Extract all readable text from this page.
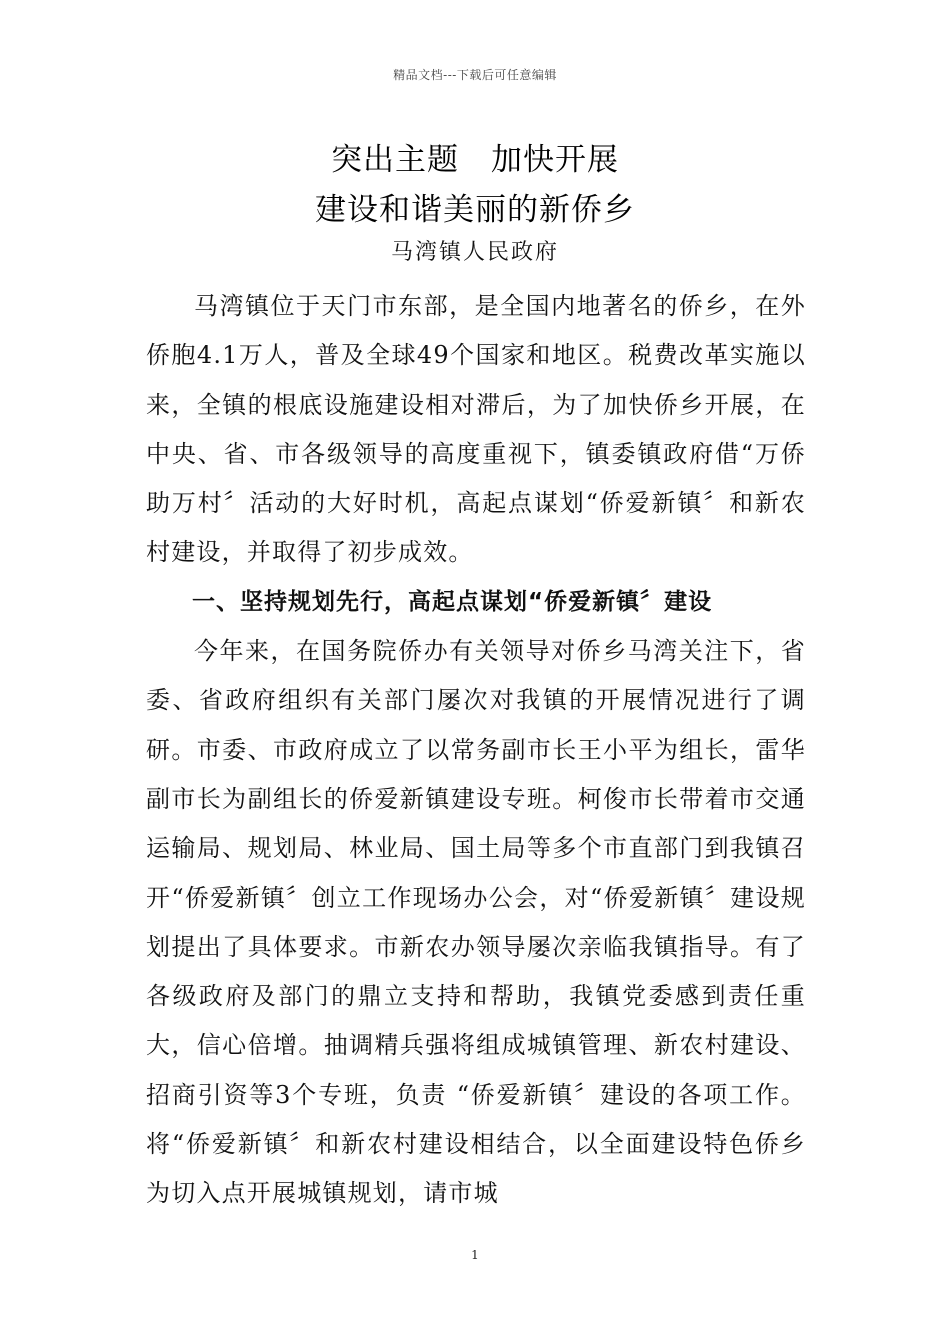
精品文档---下载后可任意编辑
突出主题　加快开展
建设和谐美丽的新侨乡
马湾镇人民政府

马湾镇位于天门市东部，是全国内地著名的侨乡，在外侨胞4.1万人，普及全球49个国家和地区。税费改革实施以来，全镇的根底设施建设相对滞后，为了加快侨乡开展，在中央、省、市各级领导的高度重视下，镇委镇政府借“万侨助万村〞活动的大好时机，高起点谋划“侨爱新镇〞和新农村建设，并取得了初步成效。

一、坚持规划先行，高起点谋划“侨爱新镇〞建设

今年来，在国务院侨办有关领导对侨乡马湾关注下，省委、省政府组织有关部门屡次对我镇的开展情况进行了调研。市委、市政府成立了以常务副市长王小平为组长，雷华副市长为副组长的侨爱新镇建设专班。柯俊市长带着市交通运输局、规划局、林业局、国土局等多个市直部门到我镇召开“侨爱新镇〞创立工作现场办公会，对“侨爱新镇〞建设规划提出了具体要求。市新农办领导屡次亲临我镇指导。有了各级政府及部门的鼎立支持和帮助，我镇党委感到责任重大，信心倍增。抽调精兵强将组成城镇管理、新农村建设、招商引资等3个专班，负责 “侨爱新镇〞建设的各项工作。将“侨爱新镇〞和新农村建设相结合，以全面建设特色侨乡为切入点开展城镇规划，请市城

1
